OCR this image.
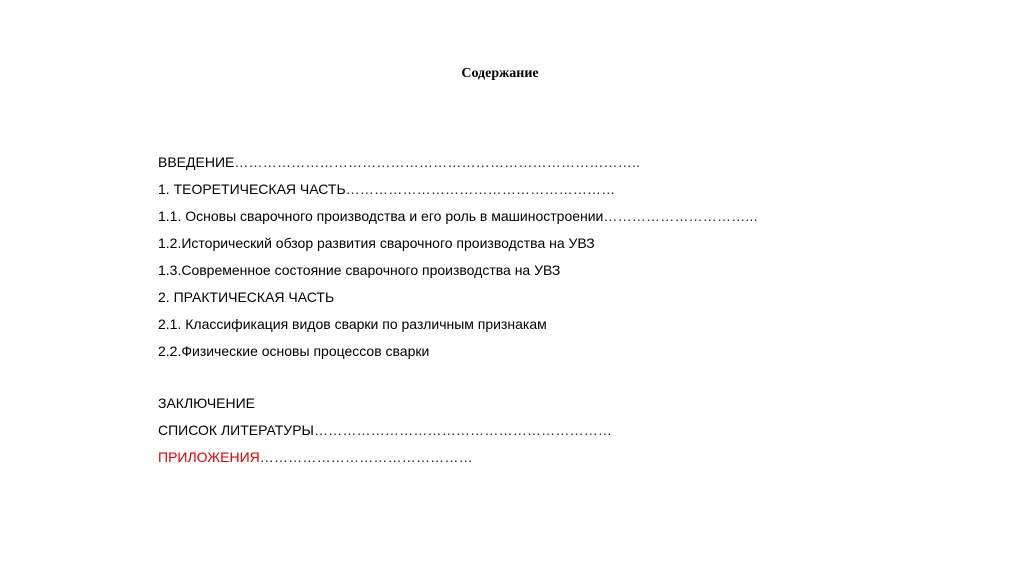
Содержание
ВВЕДЕНИЕ…………………………………………………………………………..
1. ТЕОРЕТИЧЕСКАЯ ЧАСТЬ…………………………………………………
1.1. Основы сварочного производства и его роль в машиностроении…………………………...
1.2.Исторический обзор развития сварочного производства на УВЗ
1.3.Современное состояние сварочного производства на УВЗ
2. ПРАКТИЧЕСКАЯ ЧАСТЬ
2.1. Классификация видов сварки по различным признакам
2.2.Физические основы процессов сварки
ЗАКЛЮЧЕНИЕ
СПИСОК ЛИТЕРАТУРЫ………………………………………………………
ПРИЛОЖЕНИЯ………………………………………
